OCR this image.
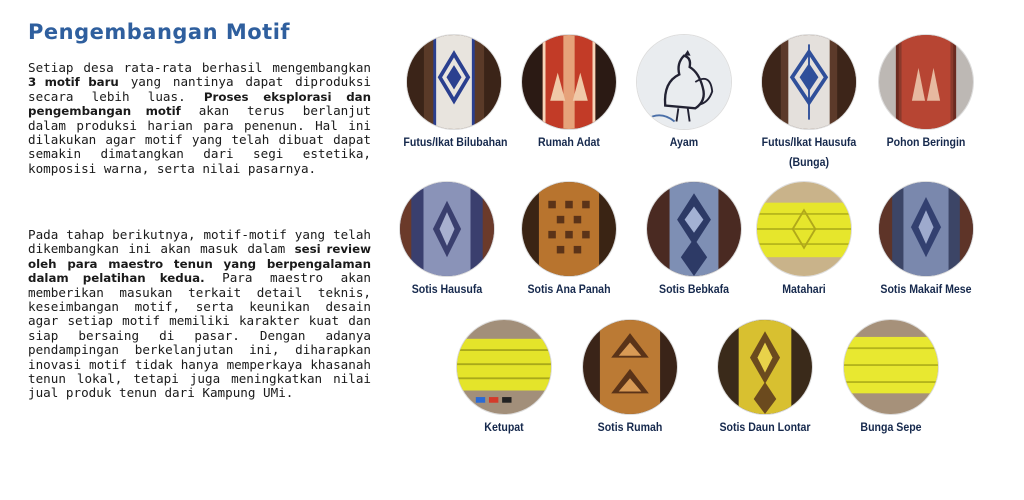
Pengembangan Motif
Setiap desa rata-rata berhasil mengembangkan 3 motif baru yang nantinya dapat diproduksi secara lebih luas. Proses eksplorasi dan pengembangan motif akan terus berlanjut dalam produksi harian para penenun. Hal ini dilakukan agar motif yang telah dibuat dapat semakin dimatangkan dari segi estetika, komposisi warna, serta nilai pasarnya.
Pada tahap berikutnya, motif-motif yang telah dikembangkan ini akan masuk dalam sesi review oleh para maestro tenun yang berpengalaman dalam pelatihan kedua. Para maestro akan memberikan masukan terkait detail teknis, keseimbangan motif, serta keunikan desain agar setiap motif memiliki karakter kuat dan siap bersaing di pasar. Dengan adanya pendampingan berkelanjutan ini, diharapkan inovasi motif tidak hanya memperkaya khasanah tenun lokal, tetapi juga meningkatkan nilai jual produk tenun dari Kampung UMi.
Futus/Ikat Bilubahan	Rumah Adat	Ayam	Futus/Ikat Hausufa
(Bunga)
Pohon Beringin
Sotis Hausufa	Sotis Ana Panah	Sotis Bebkafa	Matahari	Sotis Makaif Mese
Ketupat	Sotis Rumah	Sotis Daun Lontar	Bunga Sepe
